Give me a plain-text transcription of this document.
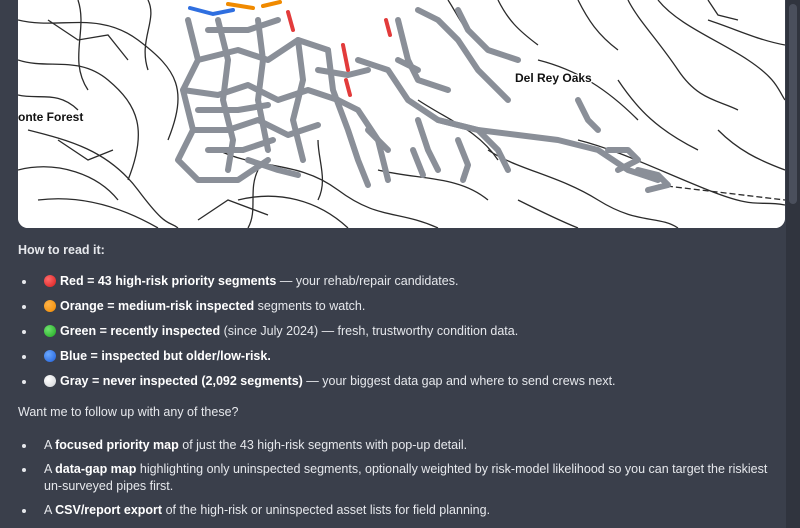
Del Rey Oaks
onte Forest
How to read it:
• Red = 43 high-risk priority segments — your rehab/repair candidates.
• Orange = medium-risk inspected segments to watch.
• Green = recently inspected (since July 2024) — fresh, trustworthy condition data.
• Blue = inspected but older/low-risk.
• Gray = never inspected (2,092 segments) — your biggest data gap and where to send crews next.
Want me to follow up with any of these?
• A focused priority map of just the 43 high-risk segments with pop-up detail.
• A data-gap map highlighting only uninspected segments, optionally weighted by risk-model likelihood so you can target the riskiest un-surveyed pipes first.
• A CSV/report export of the high-risk or uninspected asset lists for field planning.
